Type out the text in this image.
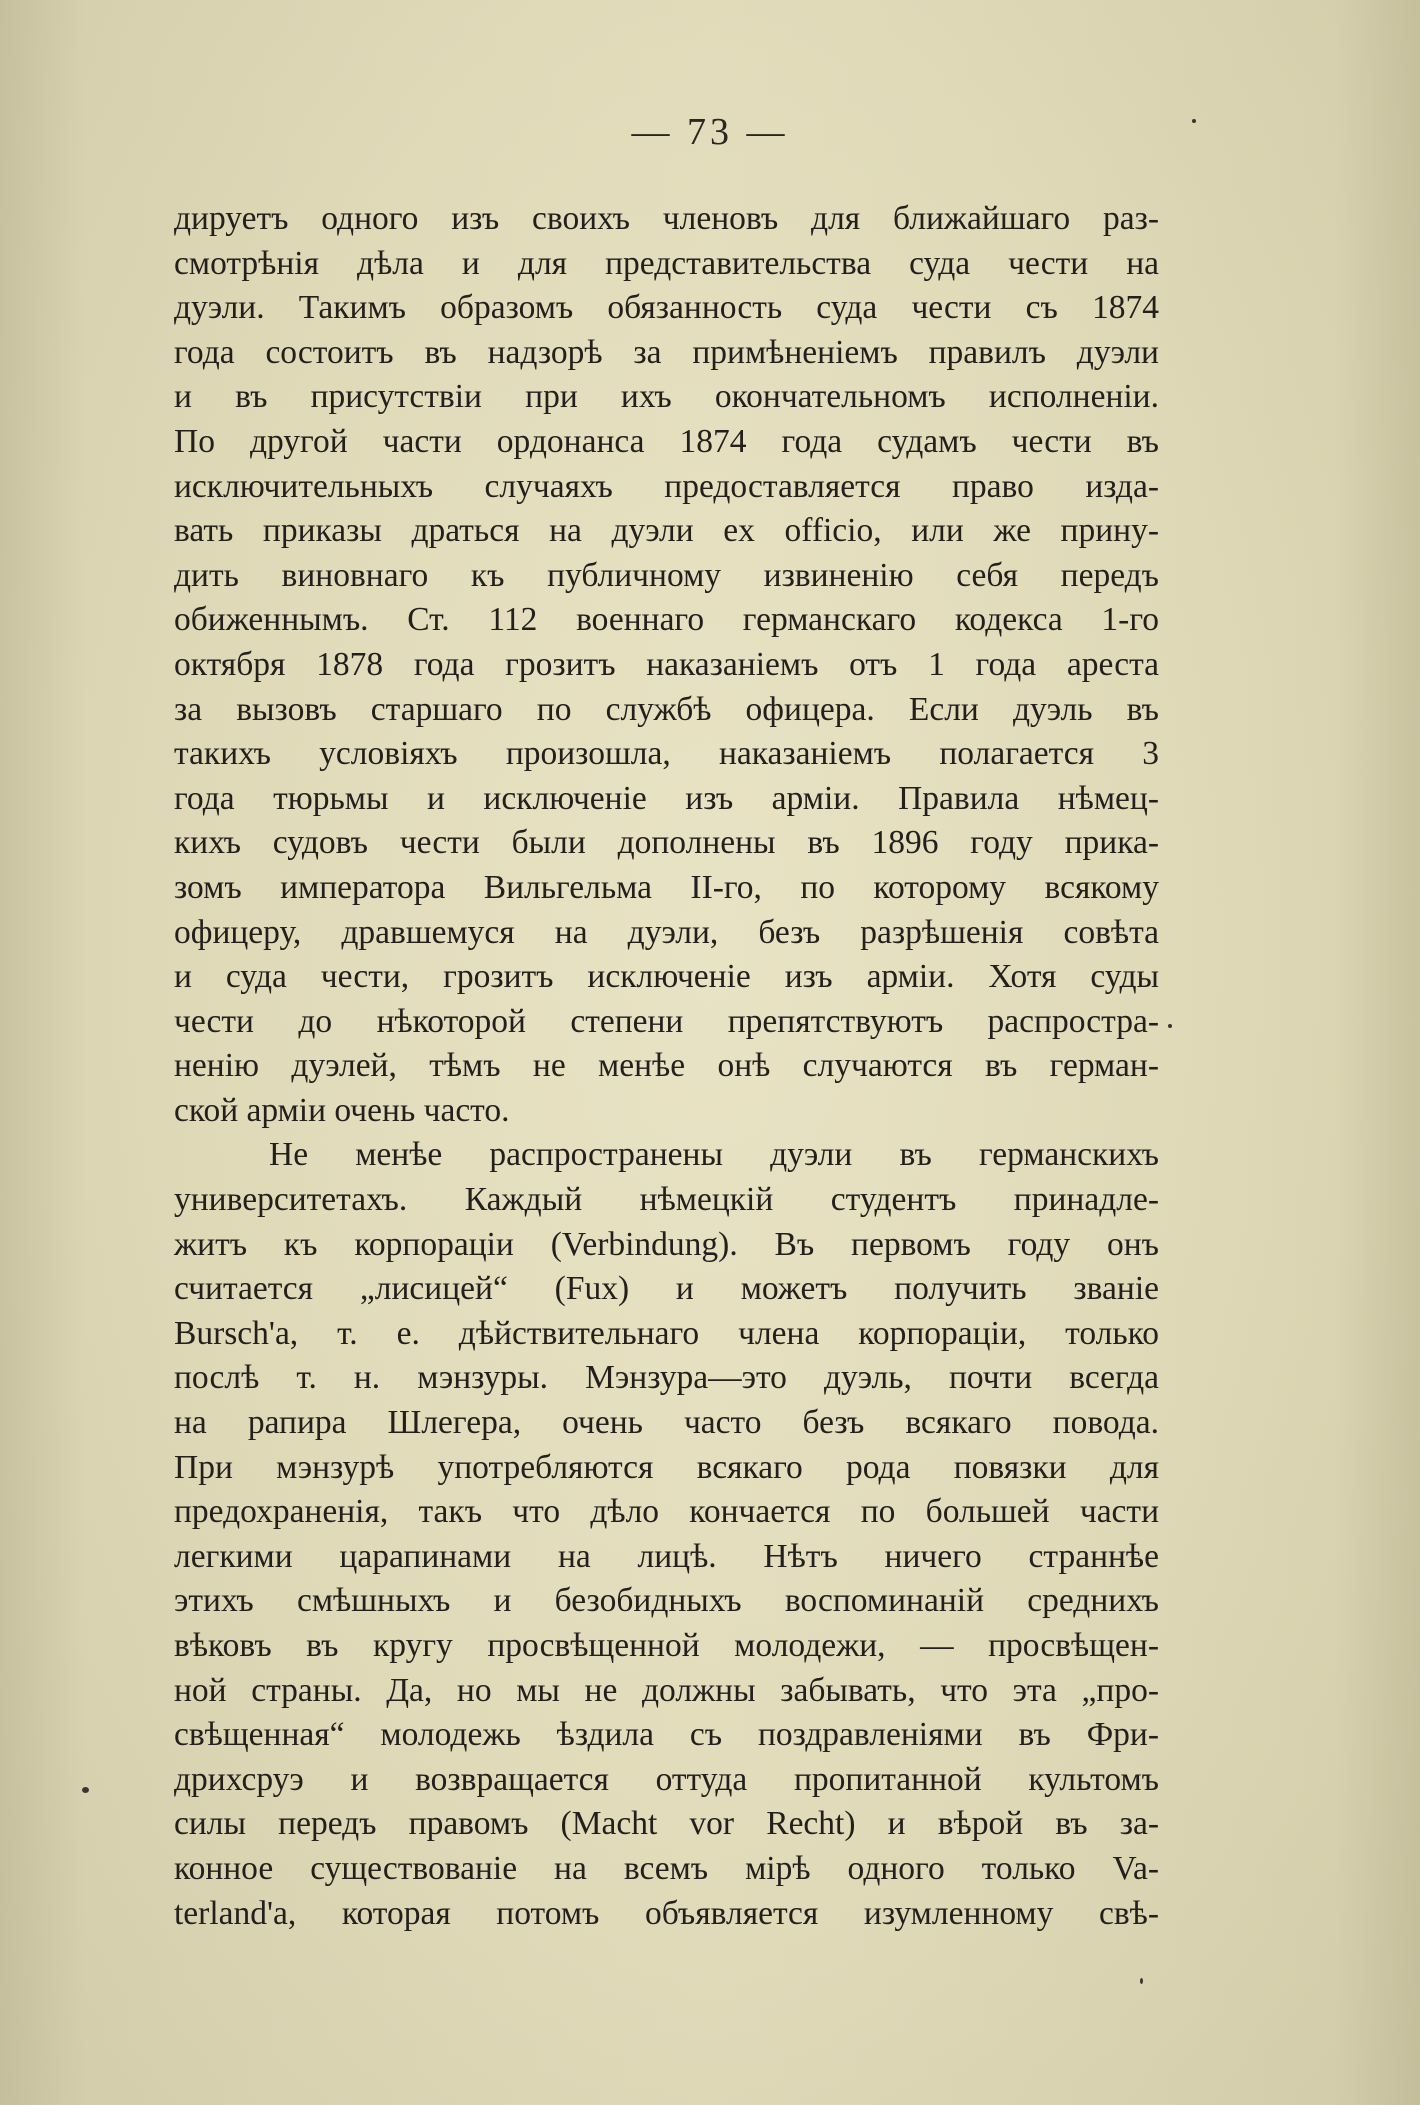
— 73 —
дируетъ одного изъ своихъ членовъ для ближайшаго раз-
смотрѣнія дѣла и для представительства суда чести на
дуэли. Такимъ образомъ обязанность суда чести съ 1874
года состоитъ въ надзорѣ за примѣненіемъ правилъ дуэли
и въ присутствіи при ихъ окончательномъ исполненіи.
По другой части ордонанса 1874 года судамъ чести въ
исключительныхъ случаяхъ предоставляется право изда-
вать приказы драться на дуэли ex officio, или же прину-
дить виновнаго къ публичному извиненію себя передъ
обиженнымъ. Ст. 112 военнаго германскаго кодекса 1-го
октября 1878 года грозитъ наказаніемъ отъ 1 года ареста
за вызовъ старшаго по службѣ офицера. Если дуэль въ
такихъ условіяхъ произошла, наказаніемъ полагается 3
года тюрьмы и исключеніе изъ арміи. Правила нѣмец-
кихъ судовъ чести были дополнены въ 1896 году прика-
зомъ императора Вильгельма II-го, по которому всякому
офицеру, дравшемуся на дуэли, безъ разрѣшенія совѣта
и суда чести, грозитъ исключеніе изъ арміи. Хотя суды
чести до нѣкоторой степени препятствуютъ распростра-
ненію дуэлей, тѣмъ не менѣе онѣ случаются въ герман-
ской арміи очень часто.
Не менѣе распространены дуэли въ германскихъ
университетахъ. Каждый нѣмецкій студентъ принадле-
житъ къ корпораціи (Verbindung). Въ первомъ году онъ
считается „лисицей“ (Fux) и можетъ получить званіе
Bursch'а, т. е. дѣйствительнаго члена корпораціи, только
послѣ т. н. мэнзуры. Мэнзура—это дуэль, почти всегда
на рапира Шлегера, очень часто безъ всякаго повода.
При мэнзурѣ употребляются всякаго рода повязки для
предохраненія, такъ что дѣло кончается по большей части
легкими царапинами на лицѣ. Нѣтъ ничего страннѣе
этихъ смѣшныхъ и безобидныхъ воспоминаній среднихъ
вѣковъ въ кругу просвѣщенной молодежи, — просвѣщен-
ной страны. Да, но мы не должны забывать, что эта „про-
свѣщенная“ молодежь ѣздила съ поздравленіями въ Фри-
дрихсруэ и возвращается оттуда пропитанной культомъ
силы передъ правомъ (Macht vor Recht) и вѣрой въ за-
конное существованіе на всемъ мірѣ одного только Va-
terland'а, которая потомъ объявляется изумленному свѣ-
